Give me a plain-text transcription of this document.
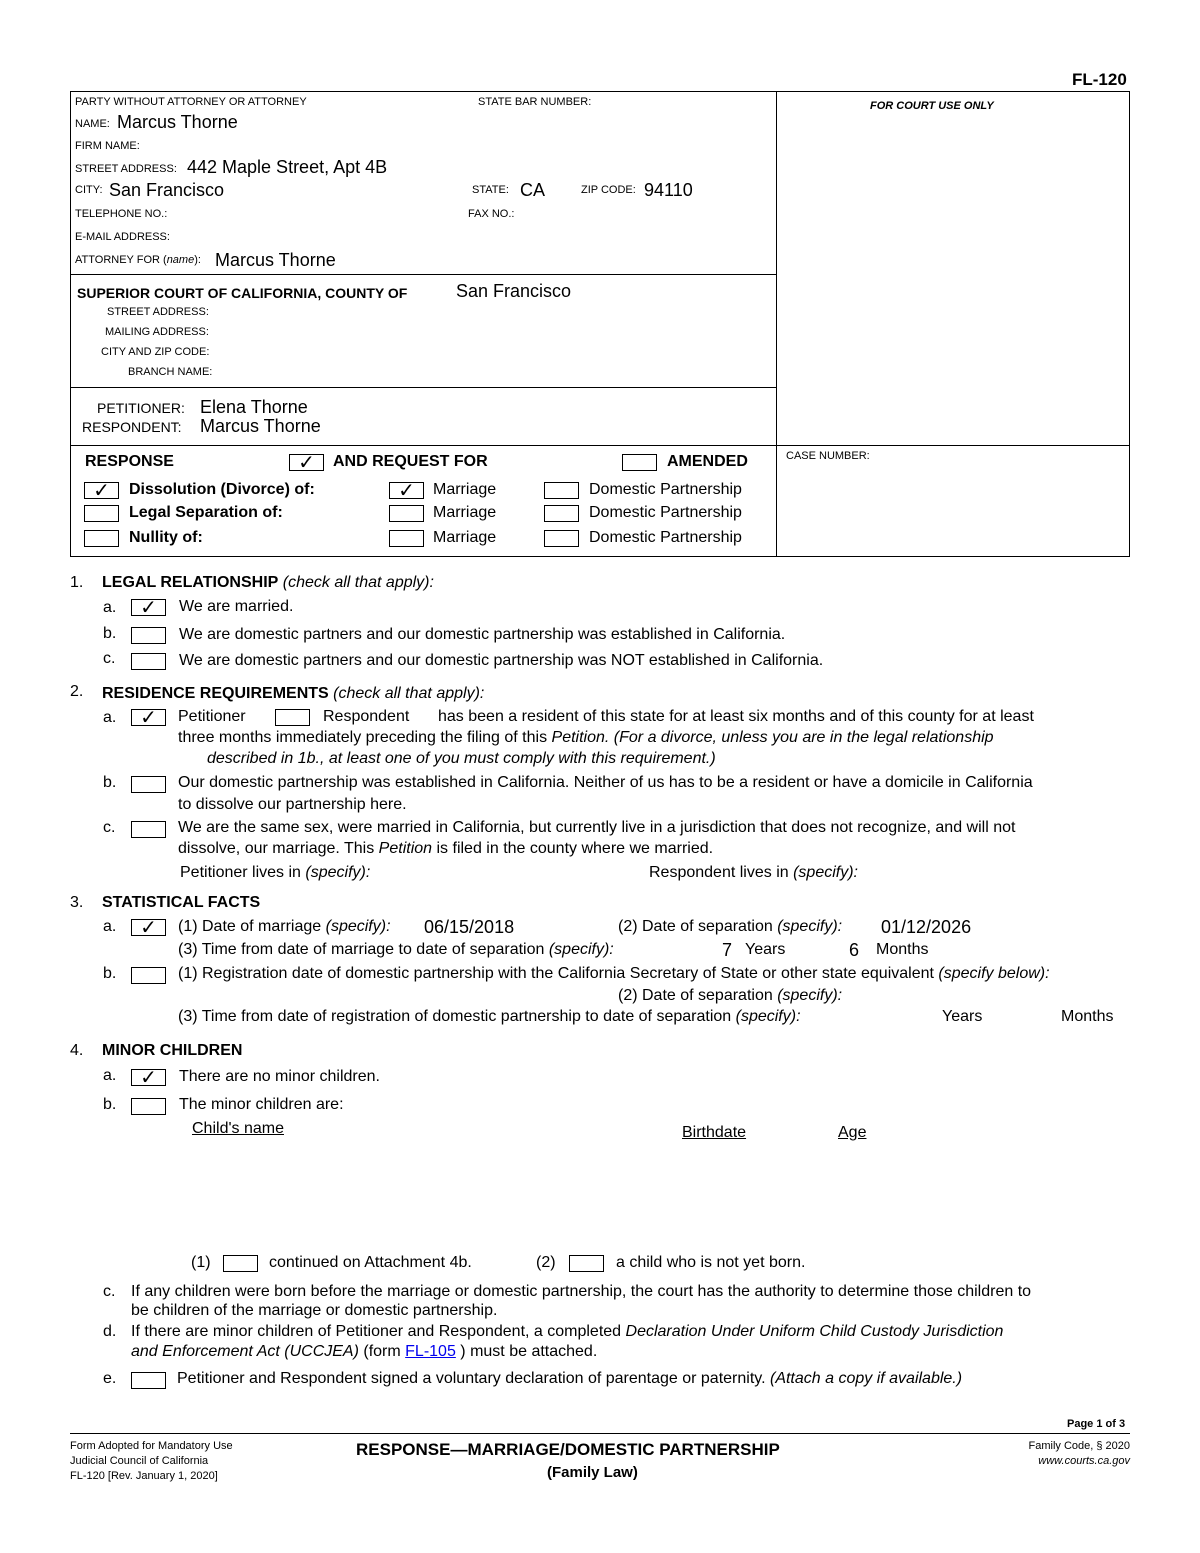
FL-120
PARTY WITHOUT ATTORNEY OR ATTORNEY	STATE BAR NUMBER:	FOR COURT USE ONLY
NAME: Marcus Thorne
FIRM NAME:
STREET ADDRESS: 442 Maple Street, Apt 4B
CITY: San Francisco	STATE: CA	ZIP CODE: 94110
TELEPHONE NO.:	FAX NO.:
E-MAIL ADDRESS:
ATTORNEY FOR (name): Marcus Thorne
SUPERIOR COURT OF CALIFORNIA, COUNTY OF	San Francisco
STREET ADDRESS:
MAILING ADDRESS:
CITY AND ZIP CODE:
BRANCH NAME:
PETITIONER: Elena Thorne
RESPONDENT: Marcus Thorne
RESPONSE	✓	AND REQUEST FOR	AMENDED	CASE NUMBER:
✓	Dissolution (Divorce) of:	✓	Marriage	Domestic Partnership
Legal Separation of:	Marriage	Domestic Partnership
Nullity of:	Marriage	Domestic Partnership
1. LEGAL RELATIONSHIP (check all that apply):
a.	✓	We are married.
b.	We are domestic partners and our domestic partnership was established in California.
c.	We are domestic partners and our domestic partnership was NOT established in California.
2. RESIDENCE REQUIREMENTS (check all that apply):
a.	✓	Petitioner	Respondent has been a resident of this state for at least six months and of this county for at least
three months immediately preceding the filing of this Petition. (For a divorce, unless you are in the legal relationship
described in 1b., at least one of you must comply with this requirement.)
b.	Our domestic partnership was established in California. Neither of us has to be a resident or have a domicile in California
to dissolve our partnership here.
c.	We are the same sex, were married in California, but currently live in a jurisdiction that does not recognize, and will not
dissolve, our marriage. This Petition is filed in the county where we married.
Petitioner lives in (specify):	Respondent lives in (specify):
3. STATISTICAL FACTS
a.	✓	(1) Date of marriage (specify): 06/15/2018	(2) Date of separation (specify): 01/12/2026
(3) Time from date of marriage to date of separation (specify):	7 Years	6 Months
b.	(1) Registration date of domestic partnership with the California Secretary of State or other state equivalent (specify below):
(2) Date of separation (specify):
(3) Time from date of registration of domestic partnership to date of separation (specify):	Years	Months
4. MINOR CHILDREN
a.	✓	There are no minor children.
b.	The minor children are:
Child's name	Birthdate	Age
(1)	continued on Attachment 4b.	(2)	a child who is not yet born.
c. If any children were born before the marriage or domestic partnership, the court has the authority to determine those children to
be children of the marriage or domestic partnership.
d. If there are minor children of Petitioner and Respondent, a completed Declaration Under Uniform Child Custody Jurisdiction
and Enforcement Act (UCCJEA) (form FL-105 ) must be attached.
e.	Petitioner and Respondent signed a voluntary declaration of parentage or paternity. (Attach a copy if available.)
Page 1 of 3
Form Adopted for Mandatory Use
Judicial Council of California
FL-120 [Rev. January 1, 2020]
RESPONSE—MARRIAGE/DOMESTIC PARTNERSHIP
(Family Law)
Family Code, § 2020
www.courts.ca.gov
